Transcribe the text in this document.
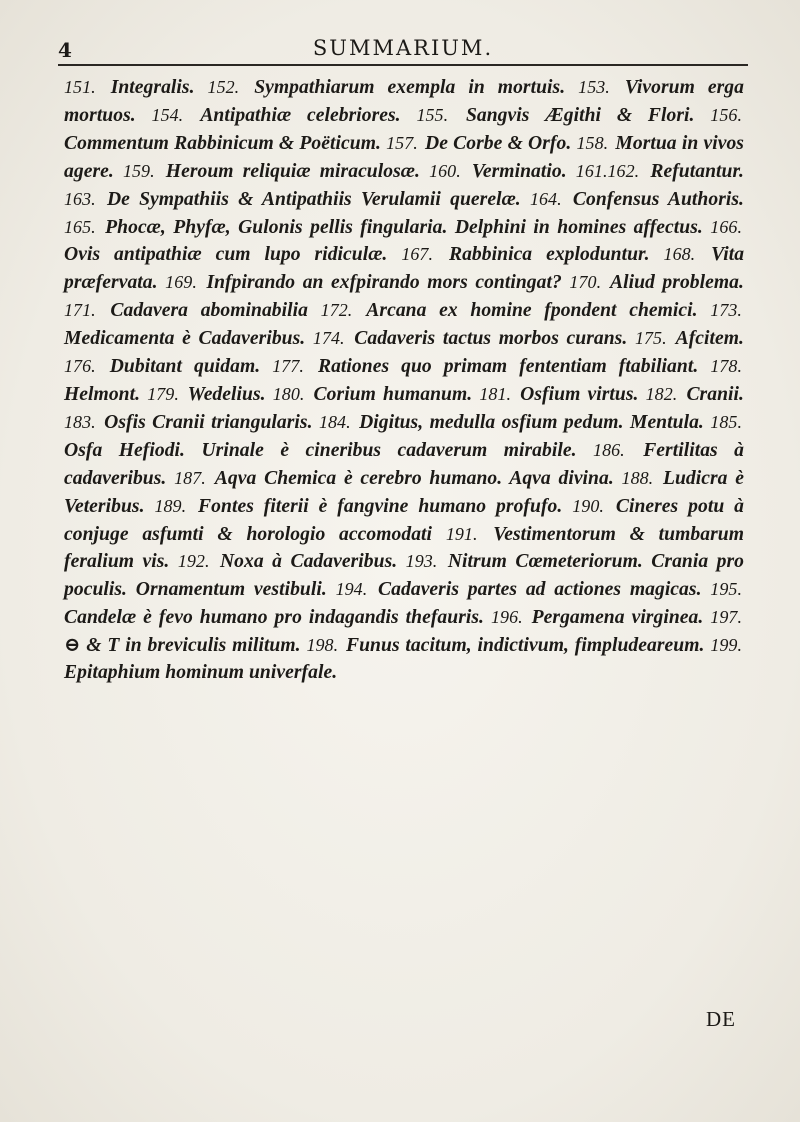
4	SUMMARIUM.
151. Integralis. 152. Sympathiarum exempla in mortuis. 153. Vivorum erga mortuos. 154. Antipathiæ celebriores. 155. Sangvis Ægithi & Flori. 156. Commentum Rabbinicum & Poëticum. 157. De Corbe & Orfo. 158. Mortua in vivos agere. 159. Heroum reliquiæ miraculosæ. 160. Verminatio. 161.162. Refutantur. 163. De Sympathiis & Antipathiis Verulamii querelæ. 164. Confensus Authoris. 165. Phocæ, Phyfæ, Gulonis pellis fingularia. Delphini in homines affectus. 166. Ovis antipathiæ cum lupo ridiculæ. 167. Rabbinica exploduntur. 168. Vita præfervata. 169. Infpirando an exfpirando mors contingat? 170. Aliud problema. 171. Cadavera abominabilia 172. Arcana ex homine fpondent chemici. 173. Medicamenta è Cadaveribus. 174. Cadaveris tactus morbos curans. 175. Afcitem. 176. Dubitant quidam. 177. Rationes quo primam fententiam ftabiliant. 178. Helmont. 179. Wedelius. 180. Corium humanum. 181. Osfium virtus. 182. Cranii. 183. Osfis Cranii triangularis. 184. Digitus, medulla osfium pedum. Mentula. 185. Osfa Hefiodi. Urinale è cineribus cadaverum mirabile. 186. Fertilitas à cadaveribus. 187. Aqva Chemica è cerebro humano. Aqva divina. 188. Ludicra è Veteribus. 189. Fontes fiterii è fangvine humano profufo. 190. Cineres potu à conjuge asfumti & horologio accomodati 191. Vestimentorum & tumbarum feralium vis. 192. Noxa à Cadaveribus. 193. Nitrum Cœmeteriorum. Crania pro poculis. Ornamentum vestibuli. 194. Cadaveris partes ad actiones magicas. 195. Candelæ è fevo humano pro indagandis thefauris. 196. Pergamena virginea. 197. ⊖ & T in breviculis militum. 198. Funus tacitum, indictivum, fimpludeareum. 199. Epitaphium hominum univerfale.
DE
